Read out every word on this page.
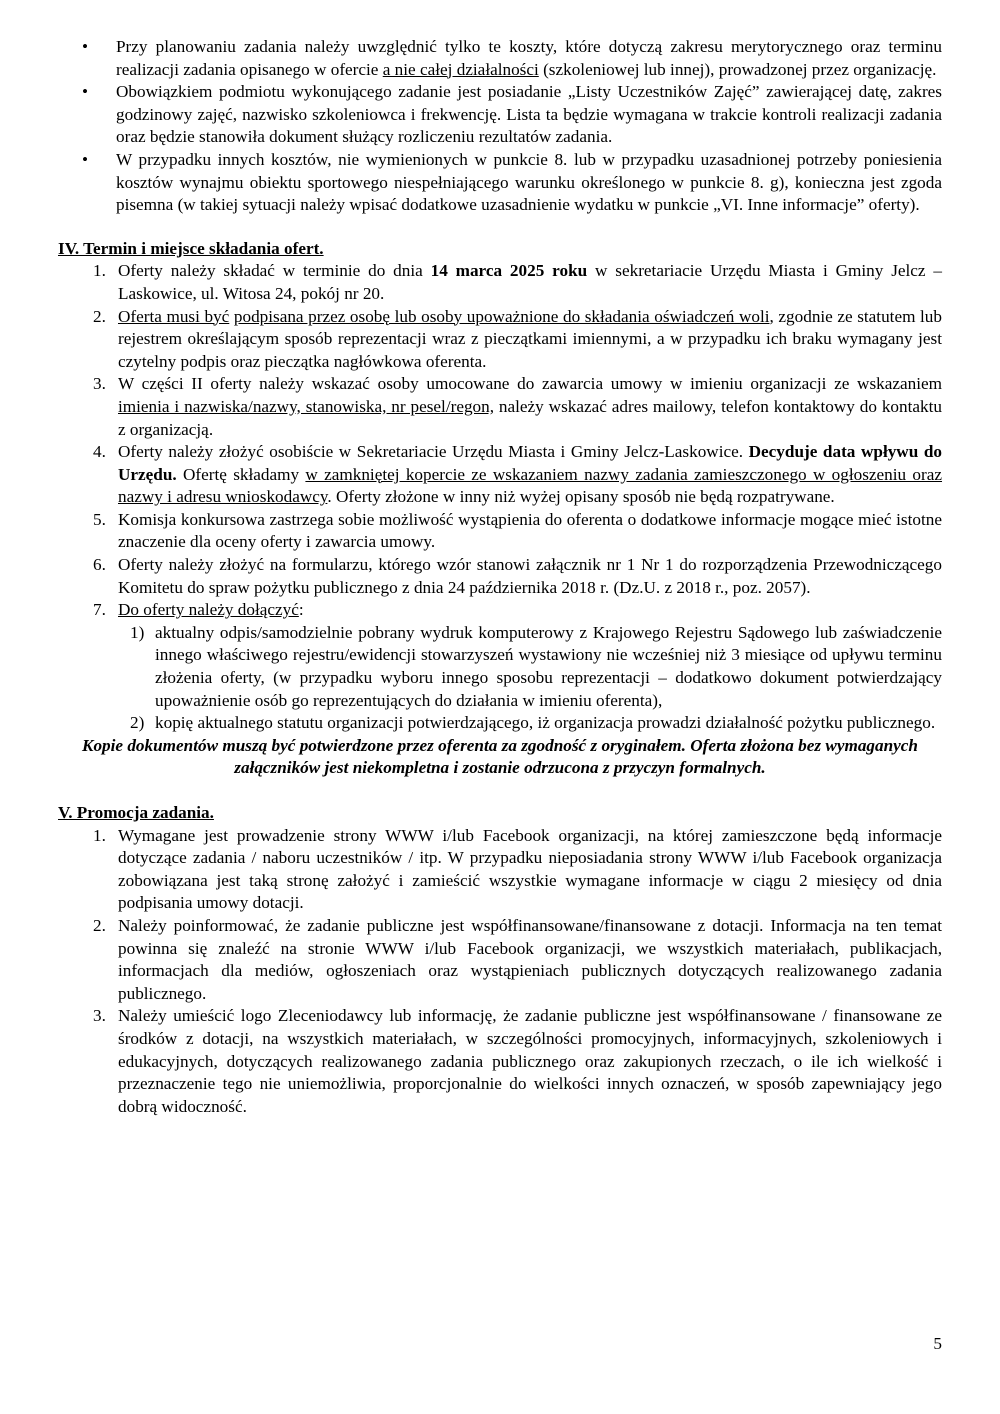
• Przy planowaniu zadania należy uwzględnić tylko te koszty, które dotyczą zakresu merytorycznego oraz terminu realizacji zadania opisanego w ofercie a nie całej działalności (szkoleniowej lub innej), prowadzonej przez organizację.

• Obowiązkiem podmiotu wykonującego zadanie jest posiadanie „Listy Uczestników Zajęć” zawierającej datę, zakres godzinowy zajęć, nazwisko szkoleniowca i frekwencję. Lista ta będzie wymagana w trakcie kontroli realizacji zadania oraz będzie stanowiła dokument służący rozliczeniu rezultatów zadania.

• W przypadku innych kosztów, nie wymienionych w punkcie 8. lub w przypadku uzasadnionej potrzeby poniesienia kosztów wynajmu obiektu sportowego niespełniającego warunku określonego w punkcie 8. g), konieczna jest zgoda pisemna (w takiej sytuacji należy wpisać dodatkowe uzasadnienie wydatku w punkcie „VI. Inne informacje” oferty).

IV. Termin i miejsce składania ofert.

1. Oferty należy składać w terminie do dnia 14 marca 2025 roku w sekretariacie Urzędu Miasta i Gminy Jelcz – Laskowice, ul. Witosa 24, pokój nr 20.

2. Oferta musi być podpisana przez osobę lub osoby upoważnione do składania oświadczeń woli, zgodnie ze statutem lub rejestrem określającym sposób reprezentacji wraz z pieczątkami imiennymi, a w przypadku ich braku wymagany jest czytelny podpis oraz pieczątka nagłówkowa oferenta.

3. W części II oferty należy wskazać osoby umocowane do zawarcia umowy w imieniu organizacji ze wskazaniem imienia i nazwiska/nazwy, stanowiska, nr pesel/regon, należy wskazać adres mailowy, telefon kontaktowy do kontaktu z organizacją.

4. Oferty należy złożyć osobiście w Sekretariacie Urzędu Miasta i Gminy Jelcz-Laskowice. Decyduje data wpływu do Urzędu. Ofertę składamy w zamkniętej kopercie ze wskazaniem nazwy zadania zamieszczonego w ogłoszeniu oraz nazwy i adresu wnioskodawcy. Oferty złożone w inny niż wyżej opisany sposób nie będą rozpatrywane.

5. Komisja konkursowa zastrzega sobie możliwość wystąpienia do oferenta o dodatkowe informacje mogące mieć istotne znaczenie dla oceny oferty i zawarcia umowy.

6. Oferty należy złożyć na formularzu, którego wzór stanowi załącznik nr 1 Nr 1 do rozporządzenia Przewodniczącego Komitetu do spraw pożytku publicznego z dnia 24 października 2018 r. (Dz.U. z 2018 r., poz. 2057).

7. Do oferty należy dołączyć:

1) aktualny odpis/samodzielnie pobrany wydruk komputerowy z Krajowego Rejestru Sądowego lub zaświadczenie innego właściwego rejestru/ewidencji stowarzyszeń wystawiony nie wcześniej niż 3 miesiące od upływu terminu złożenia oferty, (w przypadku wyboru innego sposobu reprezentacji – dodatkowo dokument potwierdzający upoważnienie osób go reprezentujących do działania w imieniu oferenta),

2) kopię aktualnego statutu organizacji potwierdzającego, iż organizacja prowadzi działalność pożytku publicznego.

Kopie dokumentów muszą być potwierdzone przez oferenta za zgodność z oryginałem. Oferta złożona bez wymaganych załączników jest niekompletna i zostanie odrzucona z przyczyn formalnych.

V. Promocja zadania.

1. Wymagane jest prowadzenie strony WWW i/lub Facebook organizacji, na której zamieszczone będą informacje dotyczące zadania / naboru uczestników / itp. W przypadku nieposiadania strony WWW i/lub Facebook organizacja zobowiązana jest taką stronę założyć i zamieścić wszystkie wymagane informacje w ciągu 2 miesięcy od dnia podpisania umowy dotacji.

2. Należy poinformować, że zadanie publiczne jest współfinansowane/finansowane z dotacji. Informacja na ten temat powinna się znaleźć na stronie WWW i/lub Facebook organizacji, we wszystkich materiałach, publikacjach, informacjach dla mediów, ogłoszeniach oraz wystąpieniach publicznych dotyczących realizowanego zadania publicznego.

3. Należy umieścić logo Zleceniodawcy lub informację, że zadanie publiczne jest współfinansowane / finansowane ze środków z dotacji, na wszystkich materiałach, w szczególności promocyjnych, informacyjnych, szkoleniowych i edukacyjnych, dotyczących realizowanego zadania publicznego oraz zakupionych rzeczach, o ile ich wielkość i przeznaczenie tego nie uniemożliwia, proporcjonalnie do wielkości innych oznaczeń, w sposób zapewniający jego dobrą widoczność.

5
